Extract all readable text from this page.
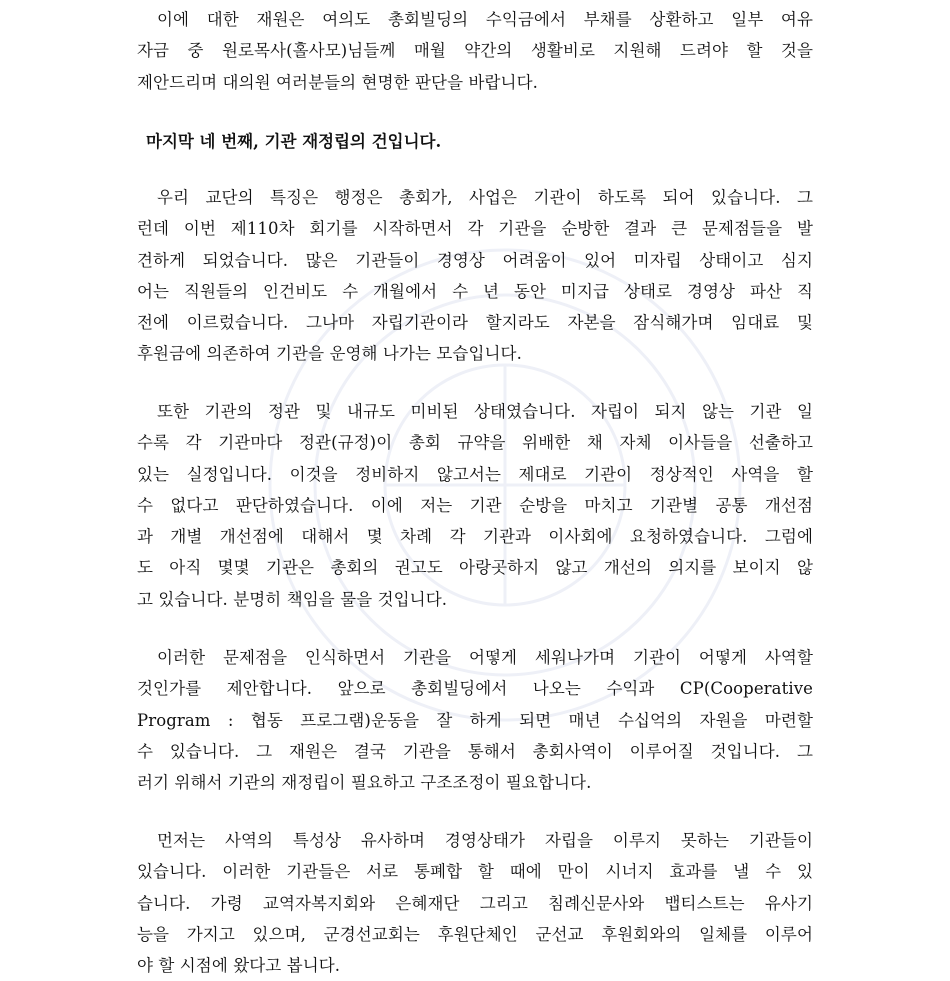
이에 대한 재원은 여의도 총회빌딩의 수익금에서 부채를 상환하고 일부 여유
자금 중 원로목사(홀사모)님들께 매월 약간의 생활비로 지원해 드려야 할 것을
제안드리며 대의원 여러분들의 현명한 판단을 바랍니다.

마지막 네 번째, 기관 재정립의 건입니다.

우리 교단의 특징은 행정은 총회가, 사업은 기관이 하도록 되어 있습니다. 그
런데 이번 제110차 회기를 시작하면서 각 기관을 순방한 결과 큰 문제점들을 발
견하게 되었습니다. 많은 기관들이 경영상 어려움이 있어 미자립 상태이고 심지
어는 직원들의 인건비도 수 개월에서 수 년 동안 미지급 상태로 경영상 파산 직
전에 이르렀습니다. 그나마 자립기관이라 할지라도 자본을 잠식해가며 임대료 및
후원금에 의존하여 기관을 운영해 나가는 모습입니다.

또한 기관의 정관 및 내규도 미비된 상태였습니다. 자립이 되지 않는 기관 일
수록 각 기관마다 정관(규정)이 총회 규약을 위배한 채 자체 이사들을 선출하고
있는 실정입니다. 이것을 정비하지 않고서는 제대로 기관이 정상적인 사역을 할
수 없다고 판단하였습니다. 이에 저는 기관 순방을 마치고 기관별 공통 개선점
과 개별 개선점에 대해서 몇 차례 각 기관과 이사회에 요청하였습니다. 그럼에
도 아직 몇몇 기관은 총회의 권고도 아랑곳하지 않고 개선의 의지를 보이지 않
고 있습니다. 분명히 책임을 물을 것입니다.

이러한 문제점을 인식하면서 기관을 어떻게 세워나가며 기관이 어떻게 사역할
것인가를 제안합니다. 앞으로 총회빌딩에서 나오는 수익과 CP(Cooperative
Program : 협동 프로그램)운동을 잘 하게 되면 매년 수십억의 자원을 마련할
수 있습니다. 그 재원은 결국 기관을 통해서 총회사역이 이루어질 것입니다. 그
러기 위해서 기관의 재정립이 필요하고 구조조정이 필요합니다.

먼저는 사역의 특성상 유사하며 경영상태가 자립을 이루지 못하는 기관들이
있습니다. 이러한 기관들은 서로 통폐합 할 때에 만이 시너지 효과를 낼 수 있
습니다. 가령 교역자복지회와 은혜재단 그리고 침례신문사와 뱁티스트는 유사기
능을 가지고 있으며, 군경선교회는 후원단체인 군선교 후원회와의 일체를 이루어
야 할 시점에 왔다고 봅니다.
